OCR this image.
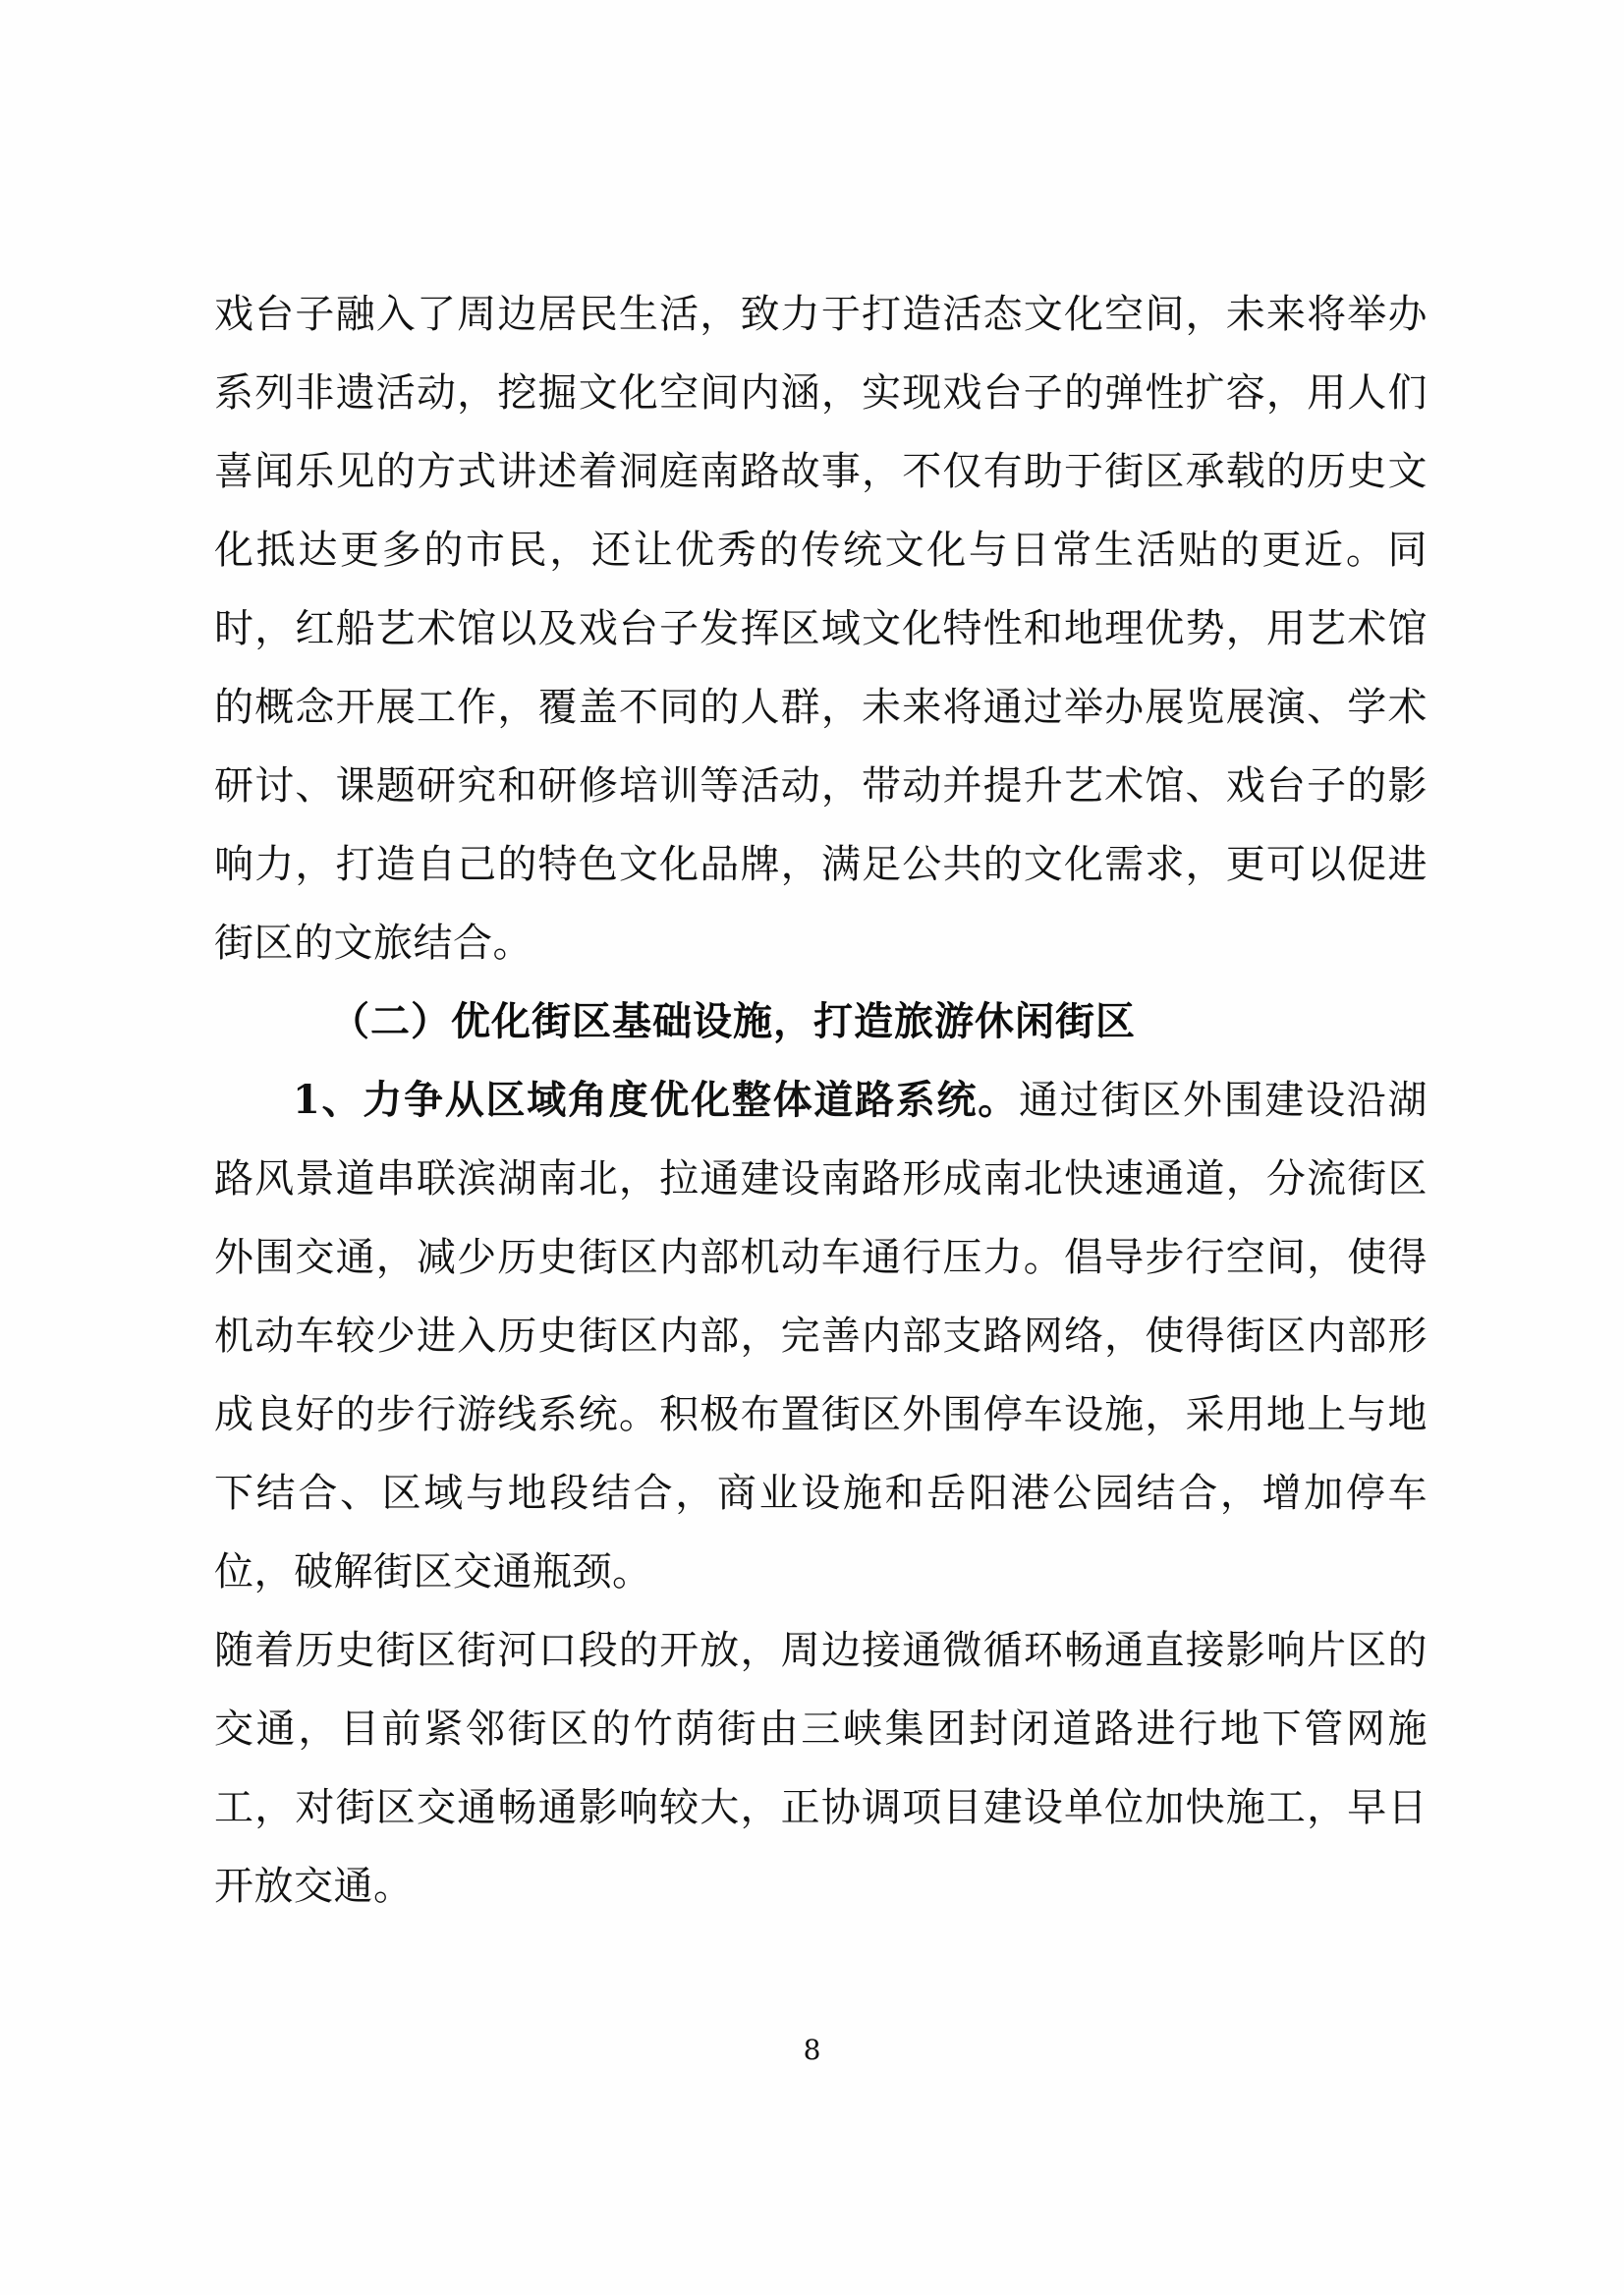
戏台子融入了周边居民生活，致力于打造活态文化空间，未来将举办系列非遗活动，挖掘文化空间内涵，实现戏台子的弹性扩容，用人们喜闻乐见的方式讲述着洞庭南路故事，不仅有助于街区承载的历史文化抵达更多的市民，还让优秀的传统文化与日常生活贴的更近。同时，红船艺术馆以及戏台子发挥区域文化特性和地理优势，用艺术馆的概念开展工作，覆盖不同的人群，未来将通过举办展览展演、学术研讨、课题研究和研修培训等活动，带动并提升艺术馆、戏台子的影响力，打造自己的特色文化品牌，满足公共的文化需求，更可以促进街区的文旅结合。

（二）优化街区基础设施，打造旅游休闲街区

1、力争从区域角度优化整体道路系统。通过街区外围建设沿湖路风景道串联滨湖南北，拉通建设南路形成南北快速通道，分流街区外围交通，减少历史街区内部机动车通行压力。倡导步行空间，使得机动车较少进入历史街区内部，完善内部支路网络，使得街区内部形成良好的步行游线系统。积极布置街区外围停车设施，采用地上与地下结合、区域与地段结合，商业设施和岳阳港公园结合，增加停车位，破解街区交通瓶颈。

随着历史街区街河口段的开放，周边接通微循环畅通直接影响片区的交通，目前紧邻街区的竹荫街由三峡集团封闭道路进行地下管网施工，对街区交通畅通影响较大，正协调项目建设单位加快施工，早日开放交通。

8
